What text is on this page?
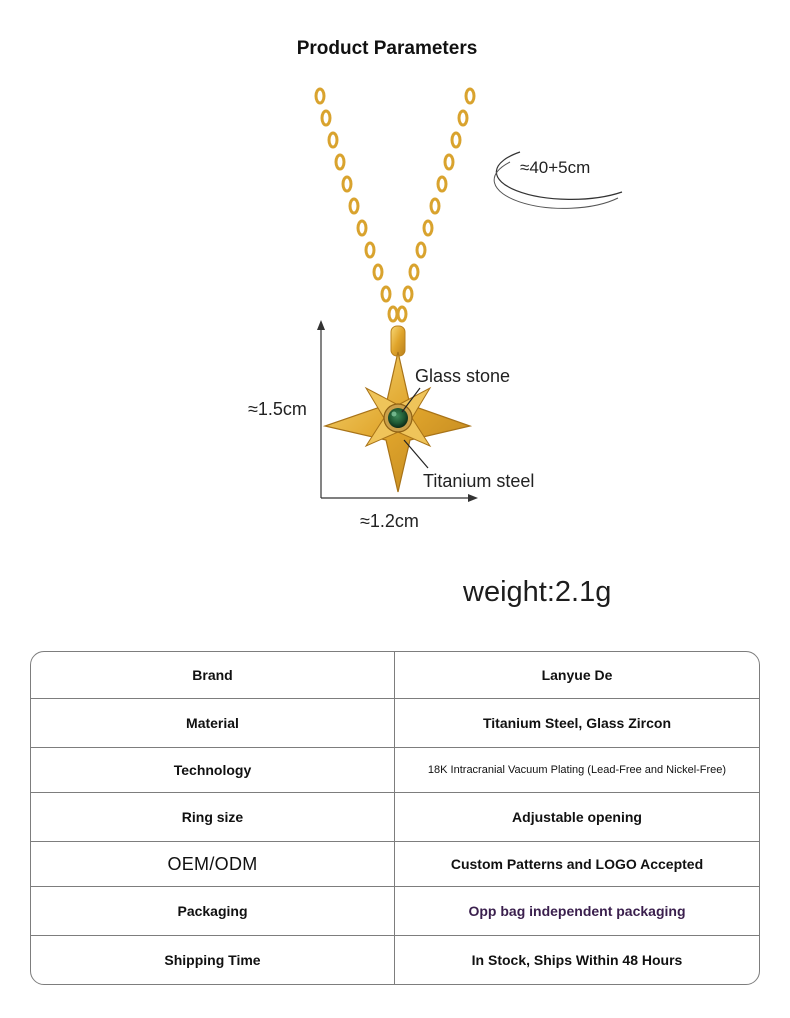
Product Parameters
≈40+5cm
≈1.5cm
≈1.2cm
Glass stone
Titanium steel
weight:2.1g
Brand	Lanyue De
Material	Titanium Steel, Glass Zircon
Technology	18K Intracranial Vacuum Plating (Lead-Free and Nickel-Free)
Ring size	Adjustable opening
OEM/ODM	Custom Patterns and LOGO Accepted
Packaging	Opp bag independent packaging
Shipping Time	In Stock, Ships Within 48 Hours
